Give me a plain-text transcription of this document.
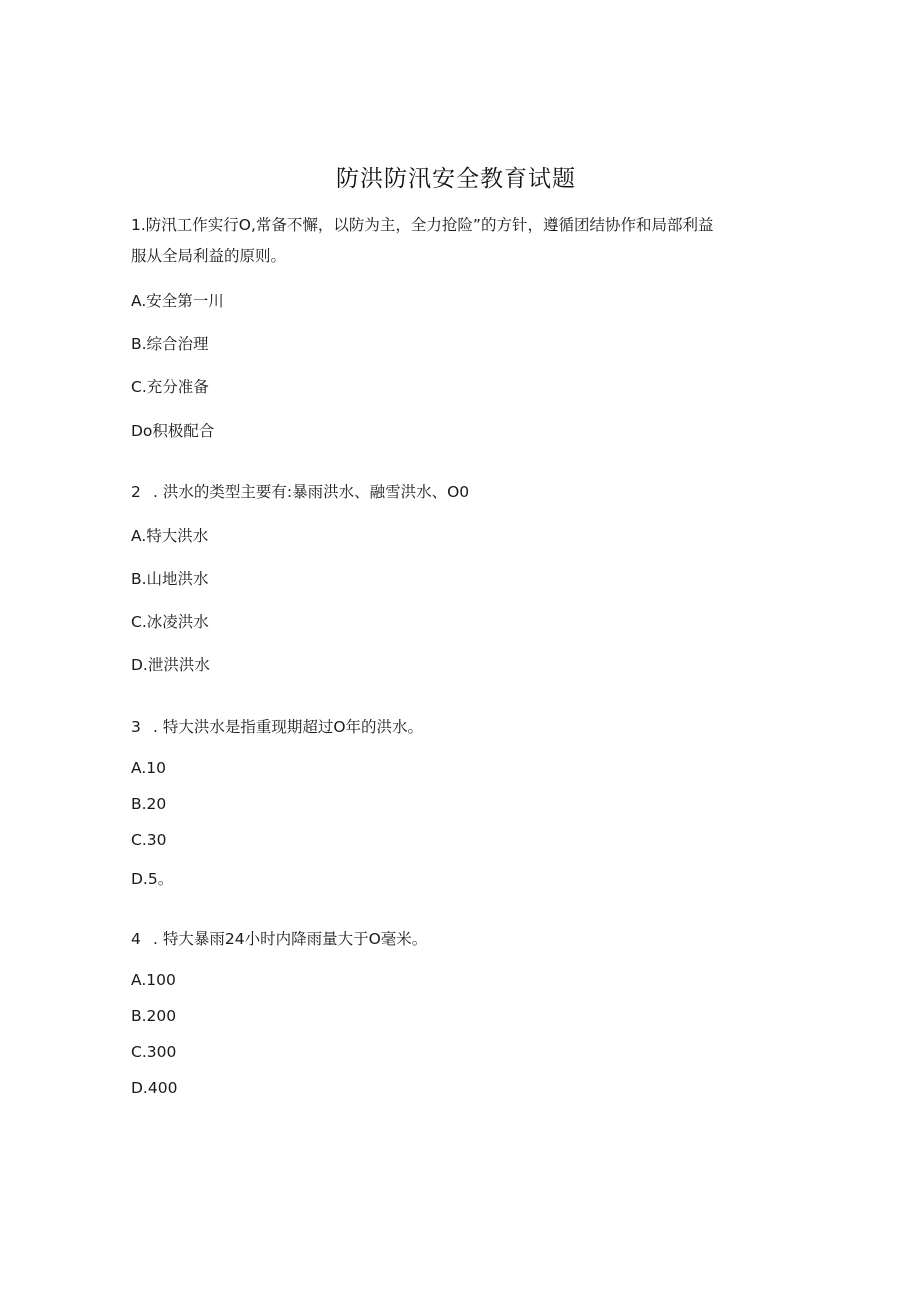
防洪防汛安全教育试题
1.防汛工作实行O,常备不懈，以防为主，全力抢险”的方针，遵循团结协作和局部利益
服从全局利益的原则。
A.安全第一川
B.综合治理
C.充分准备
Do积极配合
2 . 洪水的类型主要有:暴雨洪水、融雪洪水、O0
A.特大洪水
B.山地洪水
C.冰凌洪水
D.泄洪洪水
3 . 特大洪水是指重现期超过O年的洪水。
A.10
B.20
C.30
D.5。
4 . 特大暴雨24小时内降雨量大于O毫米。
A.100
B.200
C.300
D.400
